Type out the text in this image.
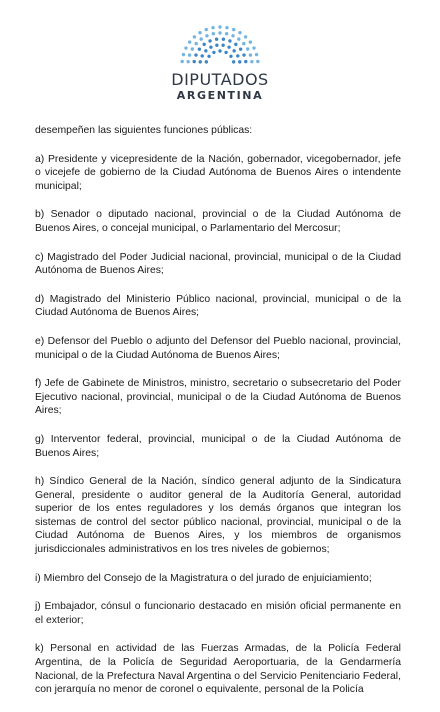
DIPUTADOS
ARGENTINA

desempeñen las siguientes funciones públicas:

a) Presidente y vicepresidente de la Nación, gobernador, vicegobernador, jefe o vicejefe de gobierno de la Ciudad Autónoma de Buenos Aires o intendente municipal;

b) Senador o diputado nacional, provincial o de la Ciudad Autónoma de Buenos Aires, o concejal municipal, o Parlamentario del Mercosur;

c) Magistrado del Poder Judicial nacional, provincial, municipal o de la Ciudad Autónoma de Buenos Aires;

d) Magistrado del Ministerio Público nacional, provincial, municipal o de la Ciudad Autónoma de Buenos Aires;

e) Defensor del Pueblo o adjunto del Defensor del Pueblo nacional, provincial, municipal o de la Ciudad Autónoma de Buenos Aires;

f) Jefe de Gabinete de Ministros, ministro, secretario o subsecretario del Poder Ejecutivo nacional, provincial, municipal o de la Ciudad Autónoma de Buenos Aires;

g) Interventor federal, provincial, municipal o de la Ciudad Autónoma de Buenos Aires;

h) Síndico General de la Nación, síndico general adjunto de la Sindicatura General, presidente o auditor general de la Auditoría General, autoridad superior de los entes reguladores y los demás órganos que integran los sistemas de control del sector público nacional, provincial, municipal o de la Ciudad Autónoma de Buenos Aires, y los miembros de organismos jurisdiccionales administrativos en los tres niveles de gobiernos;

i) Miembro del Consejo de la Magistratura o del jurado de enjuiciamiento;

j) Embajador, cónsul o funcionario destacado en misión oficial permanente en el exterior;

k) Personal en actividad de las Fuerzas Armadas, de la Policía Federal Argentina, de la Policía de Seguridad Aeroportuaria, de la Gendarmería Nacional, de la Prefectura Naval Argentina o del Servicio Penitenciario Federal, con jerarquía no menor de coronel o equivalente, personal de la Policía
